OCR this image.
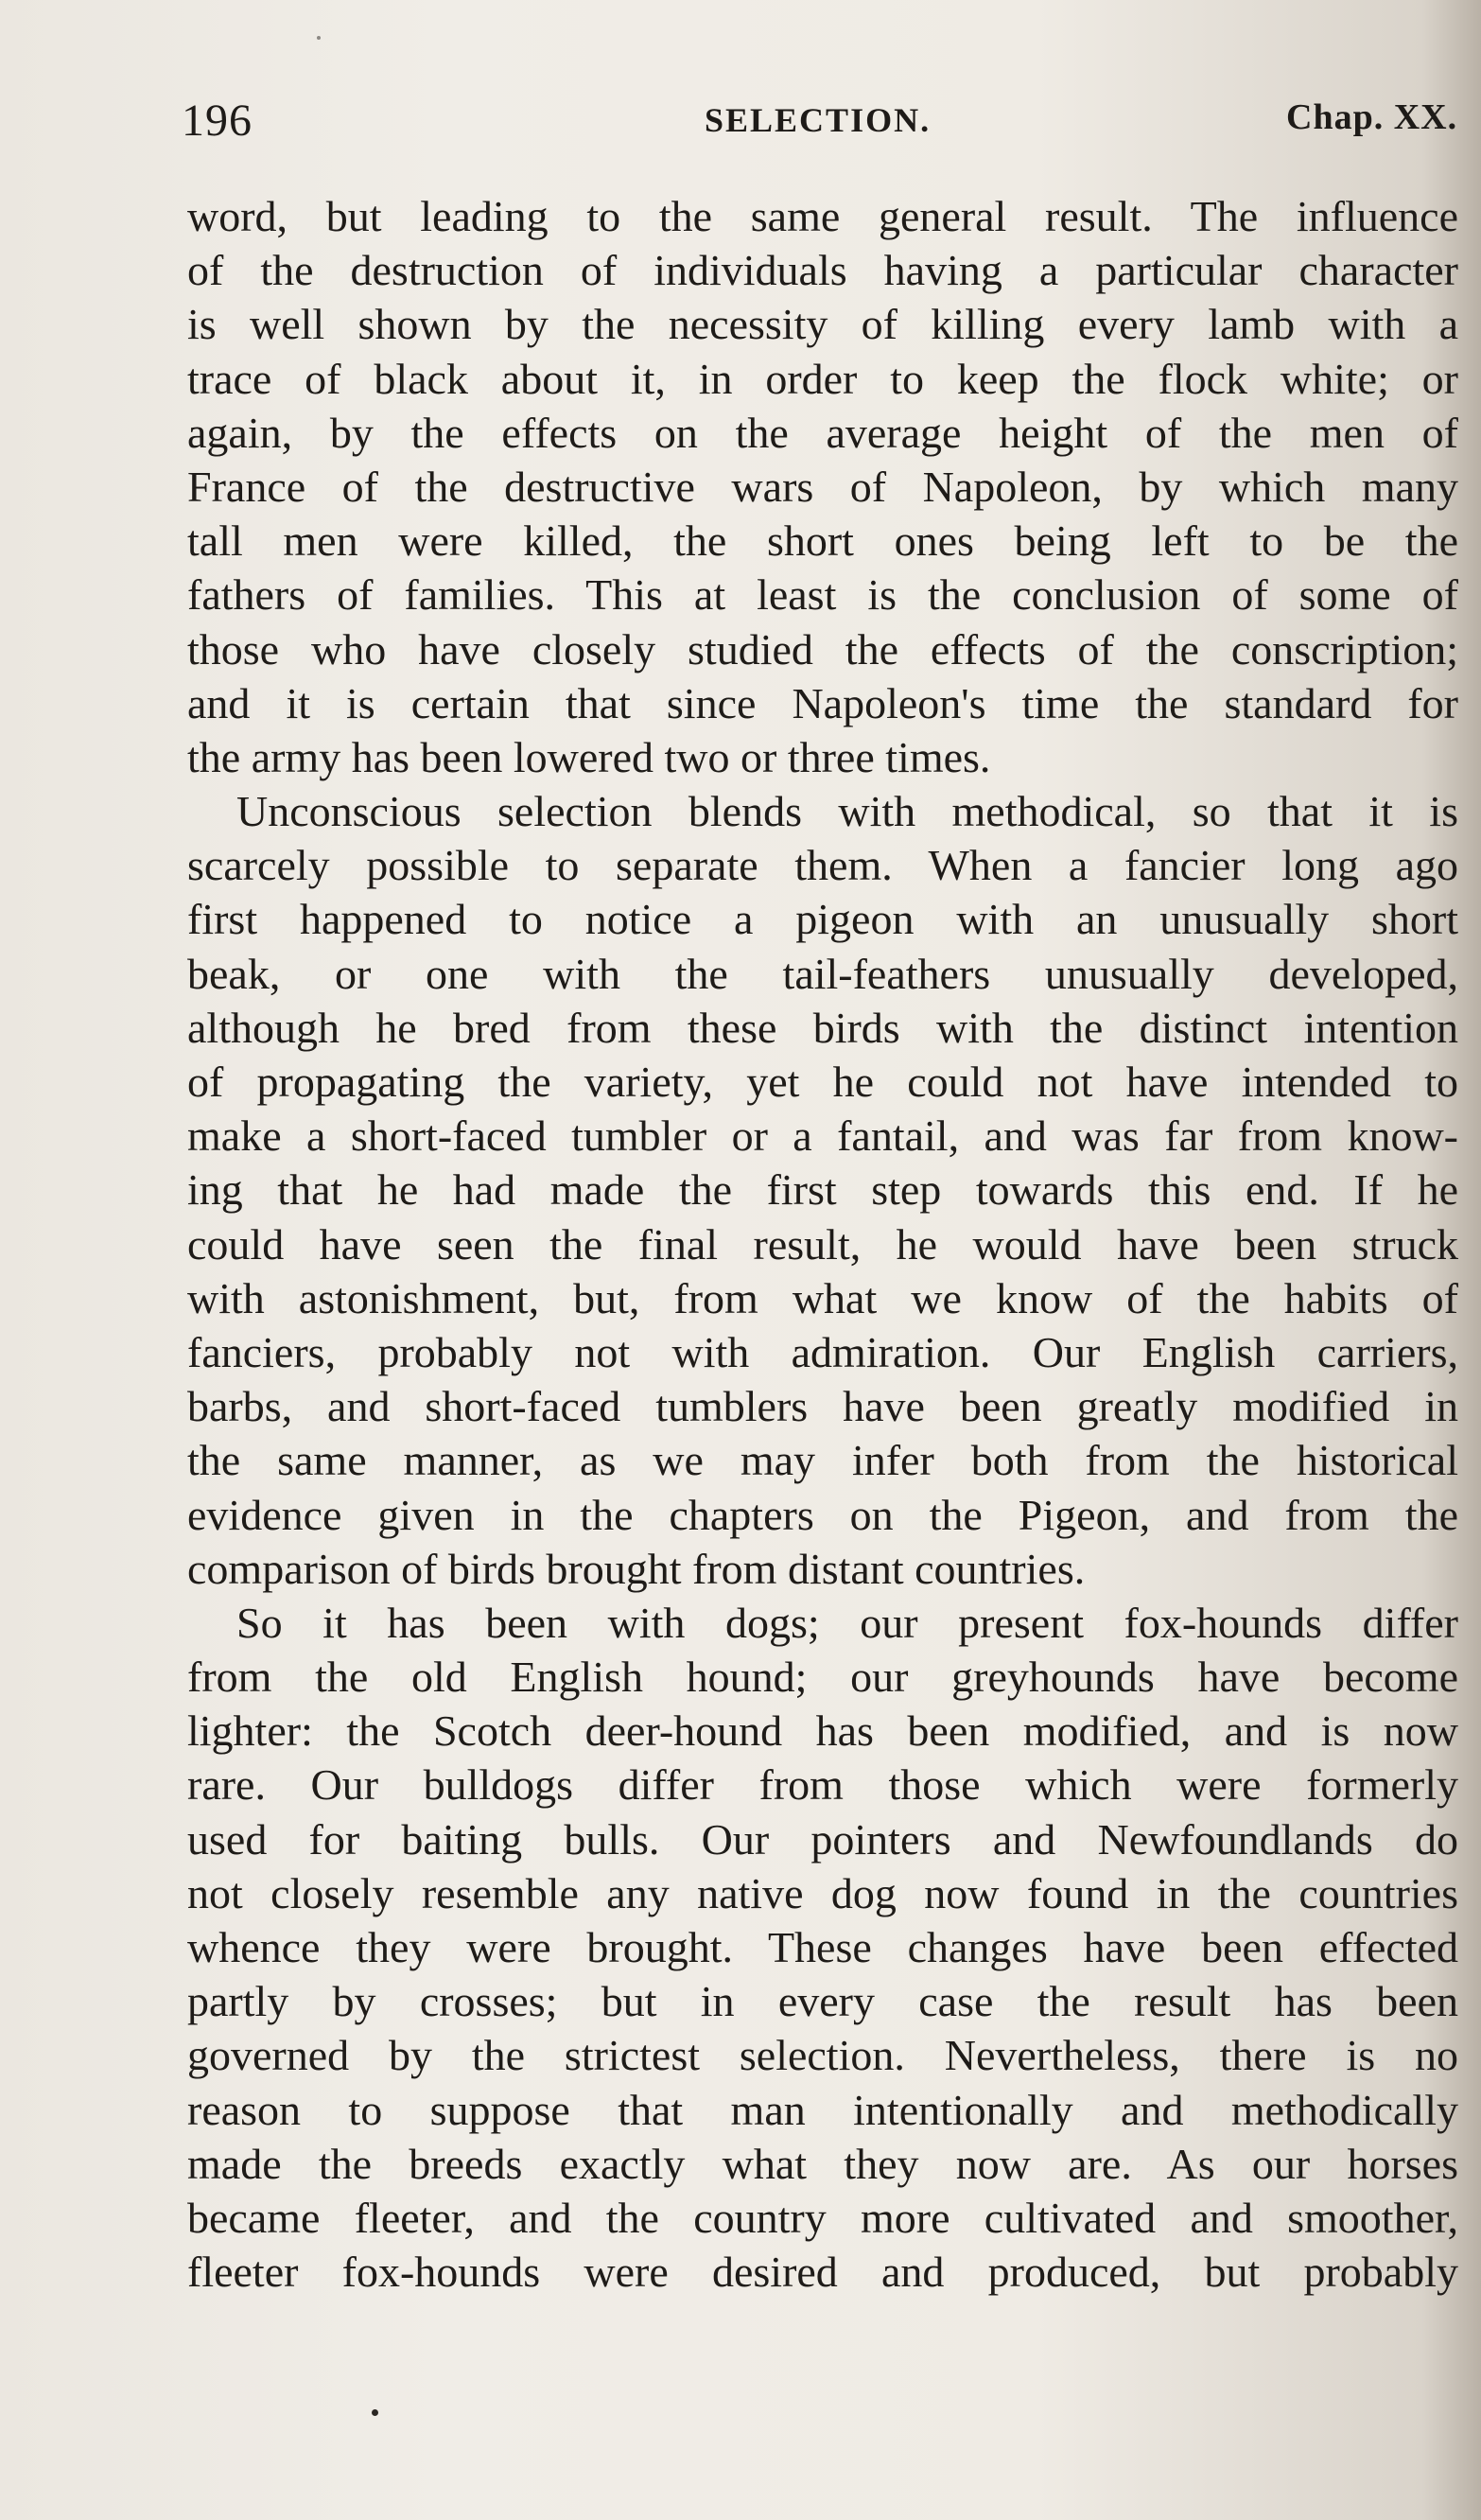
196	SELECTION.	Chap. XX.
word, but leading to the same general result. The influence
of the destruction of individuals having a particular character
is well shown by the necessity of killing every lamb with a
trace of black about it, in order to keep the flock white; or
again, by the effects on the average height of the men of
France of the destructive wars of Napoleon, by which many
tall men were killed, the short ones being left to be the
fathers of families. This at least is the conclusion of some of
those who have closely studied the effects of the conscription;
and it is certain that since Napoleon's time the standard for
the army has been lowered two or three times.
Unconscious selection blends with methodical, so that it is
scarcely possible to separate them. When a fancier long ago
first happened to notice a pigeon with an unusually short
beak, or one with the tail-feathers unusually developed,
although he bred from these birds with the distinct intention
of propagating the variety, yet he could not have intended to
make a short-faced tumbler or a fantail, and was far from know-
ing that he had made the first step towards this end. If he
could have seen the final result, he would have been struck
with astonishment, but, from what we know of the habits of
fanciers, probably not with admiration. Our English carriers,
barbs, and short-faced tumblers have been greatly modified in
the same manner, as we may infer both from the historical
evidence given in the chapters on the Pigeon, and from the
comparison of birds brought from distant countries.
So it has been with dogs; our present fox-hounds differ
from the old English hound; our greyhounds have become
lighter: the Scotch deer-hound has been modified, and is now
rare. Our bulldogs differ from those which were formerly
used for baiting bulls. Our pointers and Newfoundlands do
not closely resemble any native dog now found in the countries
whence they were brought. These changes have been effected
partly by crosses; but in every case the result has been
governed by the strictest selection. Nevertheless, there is no
reason to suppose that man intentionally and methodically
made the breeds exactly what they now are. As our horses
became fleeter, and the country more cultivated and smoother,
fleeter fox-hounds were desired and produced, but probably
